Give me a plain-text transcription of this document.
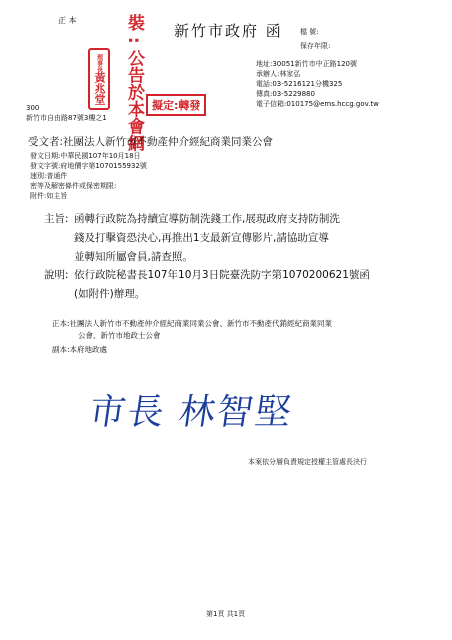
正 本	裝 : 公告於本會網
理事長
黃兆堂
檔 號:
保存年限:
新竹市政府 函
地址:30051新竹市中正路120號
承辦人:林家弘
電話:03-5216121分機325
傳真:03-5229880
電子信箱:010175@ems.hccg.gov.tw
擬定:轉發
300
新竹市自由路87號3樓之1
受文者:社團法人新竹市不動產仲介經紀商業同業公會
發文日期:中華民國107年10月18日
發文字號:府地價字第1070155932號
速別:普通件
密等及解密條件或保密期限:
附件:如主旨
主旨: 函轉行政院為持續宣導防制洗錢工作,展現政府支持防制洗
錢及打擊資恐決心,再推出1支最新宣傳影片,請協助宣導
並轉知所屬會員,請查照。
說明: 依行政院秘書長107年10月3日院臺洗防字第1070200621號函
(如附件)辦理。
正本:社團法人新竹市不動產仲介經紀商業同業公會、新竹市不動產代銷經紀商業同業
公會、新竹市地政士公會
副本:本府地政處
市長 林智堅
本案依分層負責規定授權主管處長決行
第1頁 共1頁
